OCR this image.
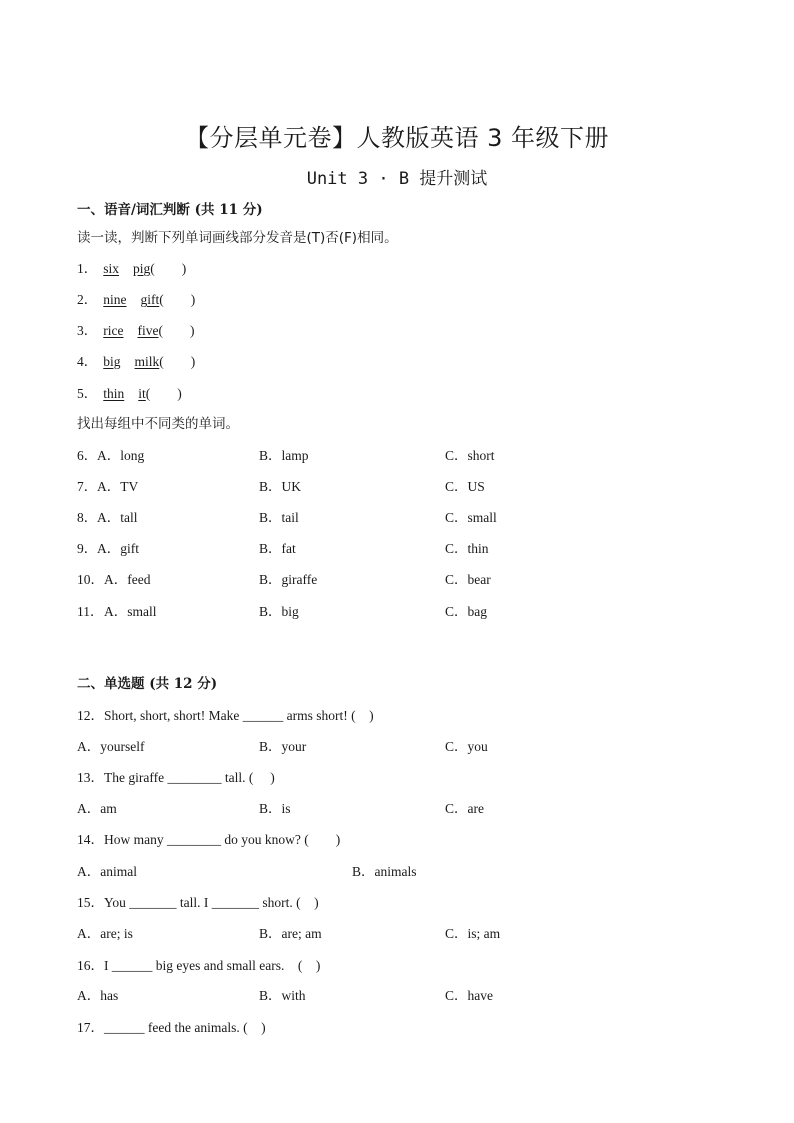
【分层单元卷】人教版英语 3 年级下册
Unit 3 · B 提升测试
一、语音/词汇判断 (共 11 分)
读一读，判断下列单词画线部分发音是(T)否(F)相同。
1． six pig(　　)
2． nine gift(　　)
3． rice five(　　)
4． big milk(　　)
5． thin it(　　)
找出每组中不同类的单词。
6． A．long	B．lamp	C．short
7． A．TV	B．UK	C．US
8． A．tall	B．tail	C．small
9． A．gift	B．fat	C．thin
10． A．feed	B．giraffe	C．bear
11． A．small	B．big	C．bag
二、单选题 (共 12 分)
12．Short, short, short! Make ______ arms short! (　)
A．yourself	B．your	C．you
13．The giraffe ________ tall. (　 )
A．am	B．is	C．are
14．How many ________ do you know? (　　)
A．animal	B．animals
15．You _______ tall. I _______ short. (　)
A．are; is	B．are; am	C．is; am
16．I ______ big eyes and small ears.　(　)
A．has	B．with	C．have
17．______ feed the animals. (　)
